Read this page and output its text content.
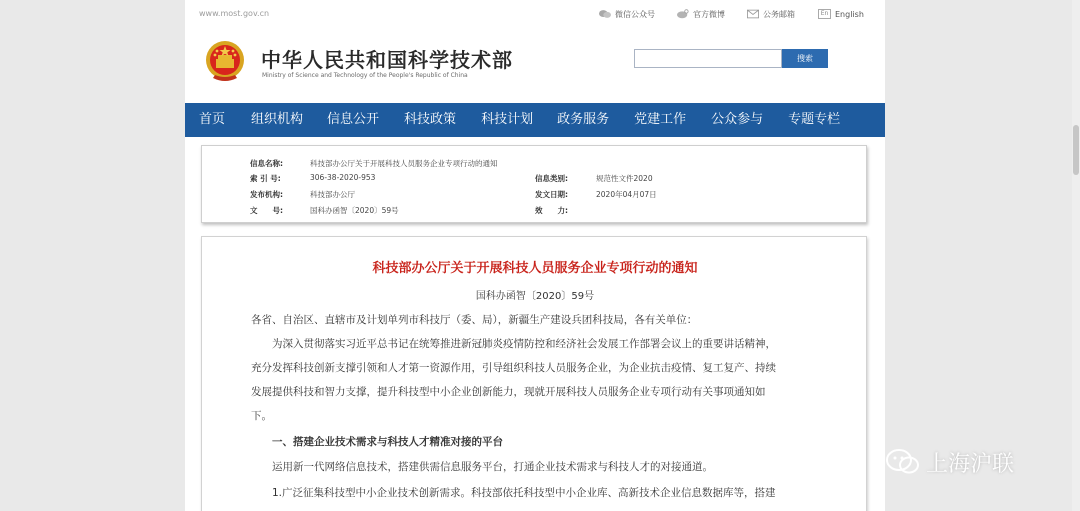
www.most.gov.cn	微信公众号	官方微博	公务邮箱	En English
中华人民共和国科学技术部
Ministry of Science and Technology of the People's Republic of China
搜索
首页 组织机构 信息公开 科技政策 科技计划 政务服务 党建工作 公众参与 专题专栏
信息名称:	科技部办公厅关于开展科技人员服务企业专项行动的通知
索 引 号:	306-38-2020-953	信息类别:	规范性文件2020
发布机构:	科技部办公厅	发文日期:	2020年04月07日
文　　号:	国科办函智〔2020〕59号	效　　力:
科技部办公厅关于开展科技人员服务企业专项行动的通知
国科办函智〔2020〕59号
各省、自治区、直辖市及计划单列市科技厅（委、局），新疆生产建设兵团科技局，各有关单位：
　　为深入贯彻落实习近平总书记在统筹推进新冠肺炎疫情防控和经济社会发展工作部署会议上的重要讲话精神，
充分发挥科技创新支撑引领和人才第一资源作用，引导组织科技人员服务企业，为企业抗击疫情、复工复产、持续
发展提供科技和智力支撑，提升科技型中小企业创新能力，现就开展科技人员服务企业专项行动有关事项通知如
下。
　　一、搭建企业技术需求与科技人才精准对接的平台
　　运用新一代网络信息技术，搭建供需信息服务平台，打通企业技术需求与科技人才的对接通道。
　　1.广泛征集科技型中小企业技术创新需求。科技部依托科技型中小企业库、高新技术企业信息数据库等，搭建
上海沪联
